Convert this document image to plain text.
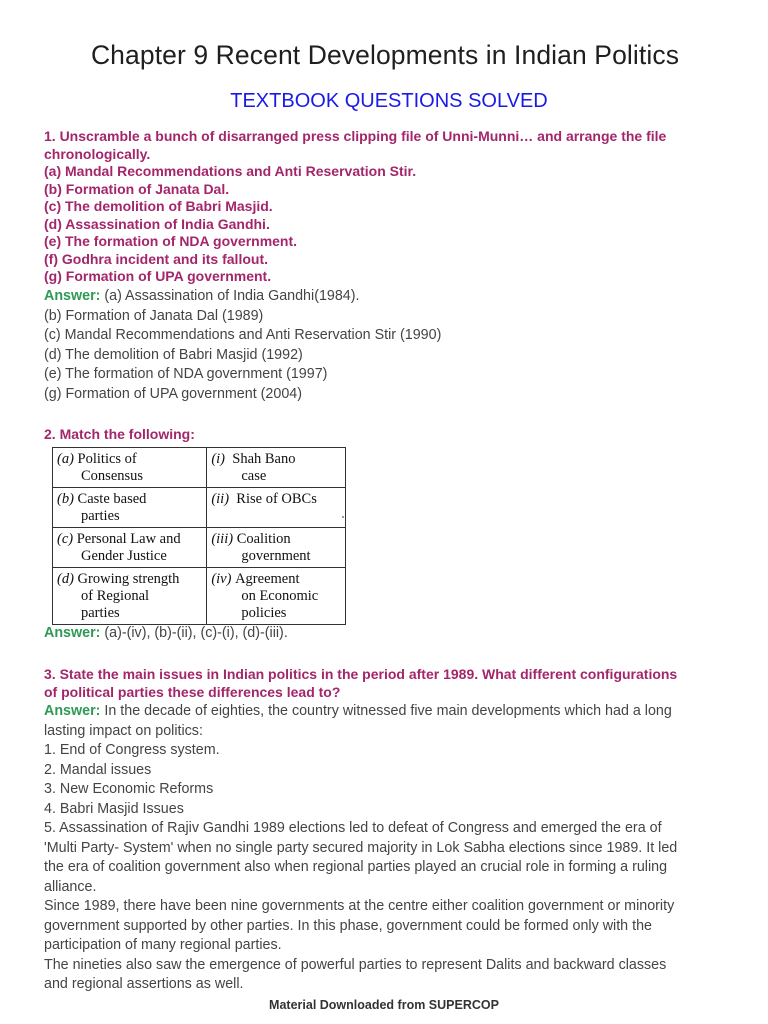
Chapter 9 Recent Developments in Indian Politics
TEXTBOOK QUESTIONS SOLVED

1. Unscramble a bunch of disarranged press clipping file of Unni-Munni… and arrange the file

chronologically.

(a) Mandal Recommendations and Anti Reservation Stir.

(b) Formation of Janata Dal.

(c) The demolition of Babri Masjid.

(d) Assassination of India Gandhi.

(e) The formation of NDA government.

(f) Godhra incident and its fallout.

(g) Formation of UPA government.

Answer: (a) Assassination of India Gandhi(1984).

(b) Formation of Janata Dal (1989)

(c) Mandal Recommendations and Anti Reservation Stir (1990)

(d) The demolition of Babri Masjid (1992)

(e) The formation of NDA government (1997)

(g) Formation of UPA government (2004)

2. Match the following:

(a) Politics of
Consensus	(i) Shah Bano
case

(b) Caste based
parties	(ii) Rise of OBCs

(c) Personal Law and
Gender Justice	(iii) Coalition
government

(d) Growing strength
of Regional
parties	(iv) Agreement
on Economic
policies

Answer: (a)-(iv), (b)-(ii), (c)-(i), (d)-(iii).

3. State the main issues in Indian politics in the period after 1989. What different configurations

of political parties these differences lead to?

Answer: In the decade of eighties, the country witnessed five main developments which had a long

lasting impact on politics:

1. End of Congress system.

2. Mandal issues

3. New Economic Reforms

4. Babri Masjid Issues

5. Assassination of Rajiv Gandhi 1989 elections led to defeat of Congress and emerged the era of

'Multi Party- System' when no single party secured majority in Lok Sabha elections since 1989. It led

the era of coalition government also when regional parties played an crucial role in forming a ruling

alliance.

Since 1989, there have been nine governments at the centre either coalition government or minority

government supported by other parties. In this phase, government could be formed only with the

participation of many regional parties.

The nineties also saw the emergence of powerful parties to represent Dalits and backward classes

and regional assertions as well.

Material Downloaded from SUPERCOP
